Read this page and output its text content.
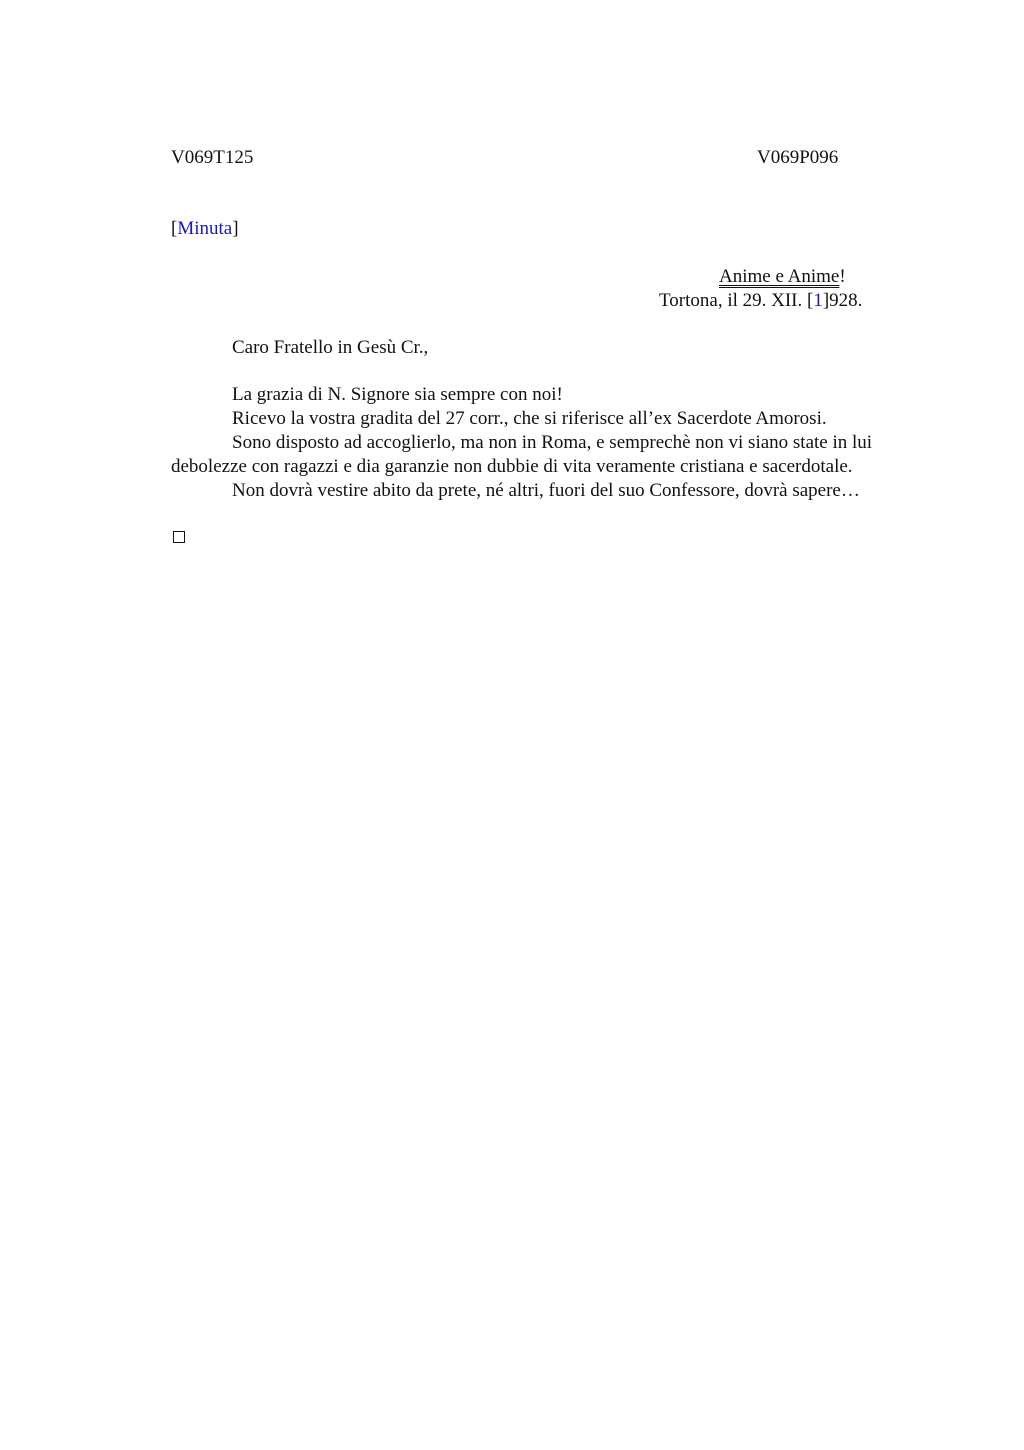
V069T125	V069P096
[Minuta]
Anime e Anime!
Tortona, il 29. XII. [1]928.
Caro Fratello in Gesù Cr.,

La grazia di N. Signore sia sempre con noi!

Ricevo la vostra gradita del 27 corr., che si riferisce all’ex Sacerdote Amorosi.

Sono disposto ad accoglierlo, ma non in Roma, e semprechè non vi siano state in lui debolezze con ragazzi e dia garanzie non dubbie di vita veramente cristiana e sacerdotale.

Non dovrà vestire abito da prete, né altri, fuori del suo Confessore, dovrà sapere…
